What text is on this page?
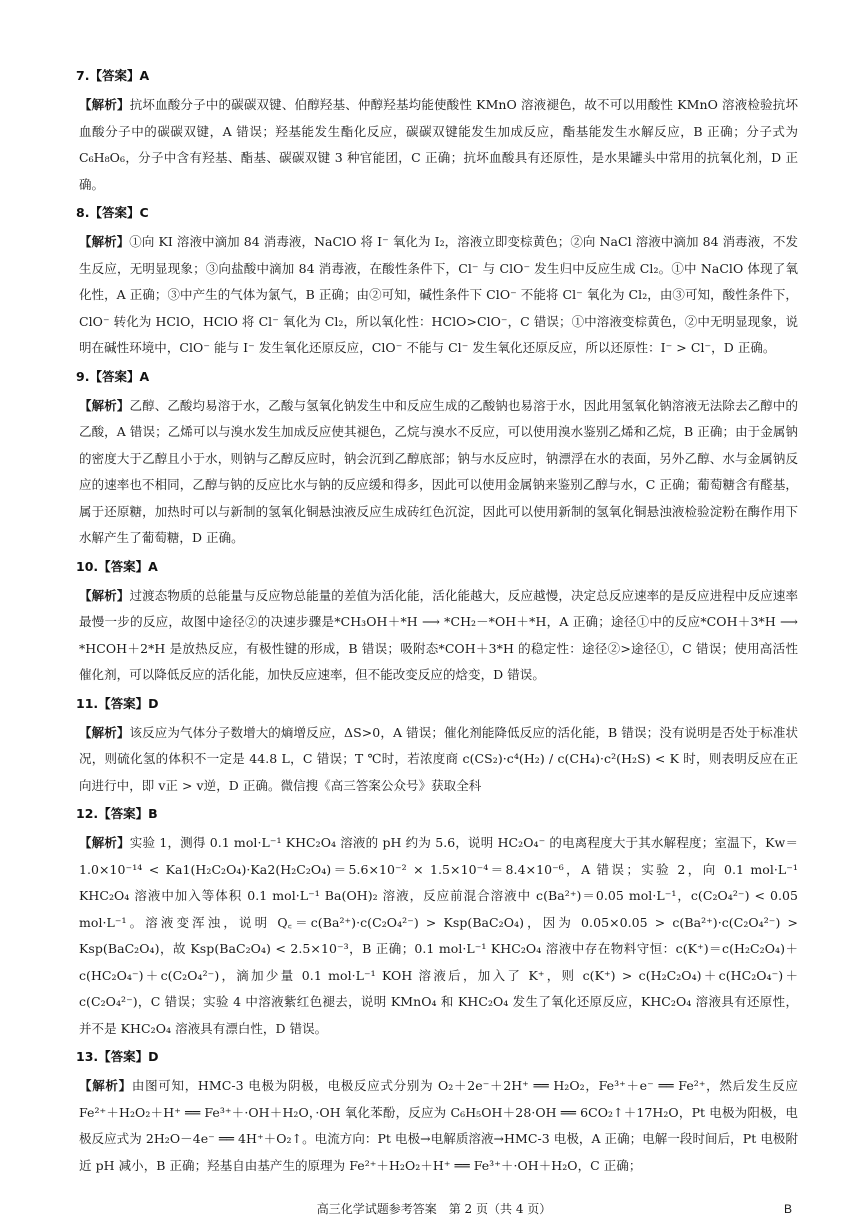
7.【答案】A

【解析】抗坏血酸分子中的碳碳双键、伯醇羟基、仲醇羟基均能使酸性 KMnO 溶液褪色，故不可以用酸性 KMnO 溶液检验抗坏血酸分子中的碳碳双键，A 错误；羟基能发生酯化反应，碳碳双键能发生加成反应，酯基能发生水解反应，B 正确；分子式为 C₆H₈O₆，分子中含有羟基、酯基、碳碳双键 3 种官能团，C 正确；抗坏血酸具有还原性，是水果罐头中常用的抗氧化剂，D 正确。

8.【答案】C

【解析】①向 KI 溶液中滴加 84 消毒液，NaClO 将 I⁻ 氧化为 I₂，溶液立即变棕黄色；②向 NaCl 溶液中滴加 84 消毒液，不发生反应，无明显现象；③向盐酸中滴加 84 消毒液，在酸性条件下，Cl⁻ 与 ClO⁻ 发生归中反应生成 Cl₂。①中 NaClO 体现了氧化性，A 正确；③中产生的气体为氯气，B 正确；由②可知，碱性条件下 ClO⁻ 不能将 Cl⁻ 氧化为 Cl₂，由③可知，酸性条件下，ClO⁻ 转化为 HClO，HClO 将 Cl⁻ 氧化为 Cl₂，所以氧化性：HClO>ClO⁻，C 错误；①中溶液变棕黄色，②中无明显现象，说明在碱性环境中，ClO⁻ 能与 I⁻ 发生氧化还原反应，ClO⁻ 不能与 Cl⁻ 发生氧化还原反应，所以还原性：I⁻ > Cl⁻，D 正确。

9.【答案】A

【解析】乙醇、乙酸均易溶于水，乙酸与氢氧化钠发生中和反应生成的乙酸钠也易溶于水，因此用氢氧化钠溶液无法除去乙醇中的乙酸，A 错误；乙烯可以与溴水发生加成反应使其褪色，乙烷与溴水不反应，可以使用溴水鉴别乙烯和乙烷，B 正确；由于金属钠的密度大于乙醇且小于水，则钠与乙醇反应时，钠会沉到乙醇底部；钠与水反应时，钠漂浮在水的表面，另外乙醇、水与金属钠反应的速率也不相同，乙醇与钠的反应比水与钠的反应缓和得多，因此可以使用金属钠来鉴别乙醇与水，C 正确；葡萄糖含有醛基，属于还原糖，加热时可以与新制的氢氧化铜悬浊液反应生成砖红色沉淀，因此可以使用新制的氢氧化铜悬浊液检验淀粉在酶作用下水解产生了葡萄糖，D 正确。

10.【答案】A

【解析】过渡态物质的总能量与反应物总能量的差值为活化能，活化能越大，反应越慢，决定总反应速率的是反应进程中反应速率最慢一步的反应，故图中途径②的决速步骤是*CH₃OH＋*H ⟶ *CH₂－*OH＋*H，A 正确；途径①中的反应*COH＋3*H ⟶ *HCOH＋2*H 是放热反应，有极性键的形成，B 错误；吸附态*COH＋3*H 的稳定性：途径②>途径①，C 错误；使用高活性催化剂，可以降低反应的活化能，加快反应速率，但不能改变反应的焓变，D 错误。

11.【答案】D

【解析】该反应为气体分子数增大的熵增反应，ΔS>0，A 错误；催化剂能降低反应的活化能，B 错误；没有说明是否处于标准状况，则硫化氢的体积不一定是 44.8 L，C 错误；T ℃时，若浓度商 c(CS₂)·c⁴(H₂) / c(CH₄)·c²(H₂S) < K 时，则表明反应在正向进行中，即 v正 > v逆，D 正确。微信搜《高三答案公众号》获取全科

12.【答案】B

【解析】实验 1，测得 0.1 mol·L⁻¹ KHC₂O₄ 溶液的 pH 约为 5.6，说明 HC₂O₄⁻ 的电离程度大于其水解程度；室温下，Kw＝1.0×10⁻¹⁴ < Ka1(H₂C₂O₄)·Ka2(H₂C₂O₄)＝5.6×10⁻² × 1.5×10⁻⁴＝8.4×10⁻⁶，A 错误；实验 2，向 0.1 mol·L⁻¹ KHC₂O₄ 溶液中加入等体积 0.1 mol·L⁻¹ Ba(OH)₂ 溶液，反应前混合溶液中 c(Ba²⁺)＝0.05 mol·L⁻¹，c(C₂O₄²⁻) < 0.05 mol·L⁻¹。溶液变浑浊，说明 Q꜀＝c(Ba²⁺)·c(C₂O₄²⁻) > Ksp(BaC₂O₄)，因为 0.05×0.05 > c(Ba²⁺)·c(C₂O₄²⁻) > Ksp(BaC₂O₄)，故 Ksp(BaC₂O₄) < 2.5×10⁻³，B 正确；0.1 mol·L⁻¹ KHC₂O₄ 溶液中存在物料守恒：c(K⁺)＝c(H₂C₂O₄)＋c(HC₂O₄⁻)＋c(C₂O₄²⁻)，滴加少量 0.1 mol·L⁻¹ KOH 溶液后，加入了 K⁺，则 c(K⁺) > c(H₂C₂O₄)＋c(HC₂O₄⁻)＋c(C₂O₄²⁻)，C 错误；实验 4 中溶液紫红色褪去，说明 KMnO₄ 和 KHC₂O₄ 发生了氧化还原反应，KHC₂O₄ 溶液具有还原性，并不是 KHC₂O₄ 溶液具有漂白性，D 错误。

13.【答案】D

【解析】由图可知，HMC-3 电极为阴极，电极反应式分别为 O₂＋2e⁻＋2H⁺ ══ H₂O₂，Fe³⁺＋e⁻ ══ Fe²⁺，然后发生反应 Fe²⁺＋H₂O₂＋H⁺ ══ Fe³⁺＋·OH＋H₂O，·OH 氧化苯酚，反应为 C₆H₅OH＋28·OH ══ 6CO₂↑＋17H₂O，Pt 电极为阳极，电极反应式为 2H₂O－4e⁻ ══ 4H⁺＋O₂↑。电流方向：Pt 电极→电解质溶液→HMC-3 电极，A 正确；电解一段时间后，Pt 电极附近 pH 减小，B 正确；羟基自由基产生的原理为 Fe²⁺＋H₂O₂＋H⁺ ══ Fe³⁺＋·OH＋H₂O，C 正确；

高三化学试题参考答案　第 2 页（共 4 页）	B
